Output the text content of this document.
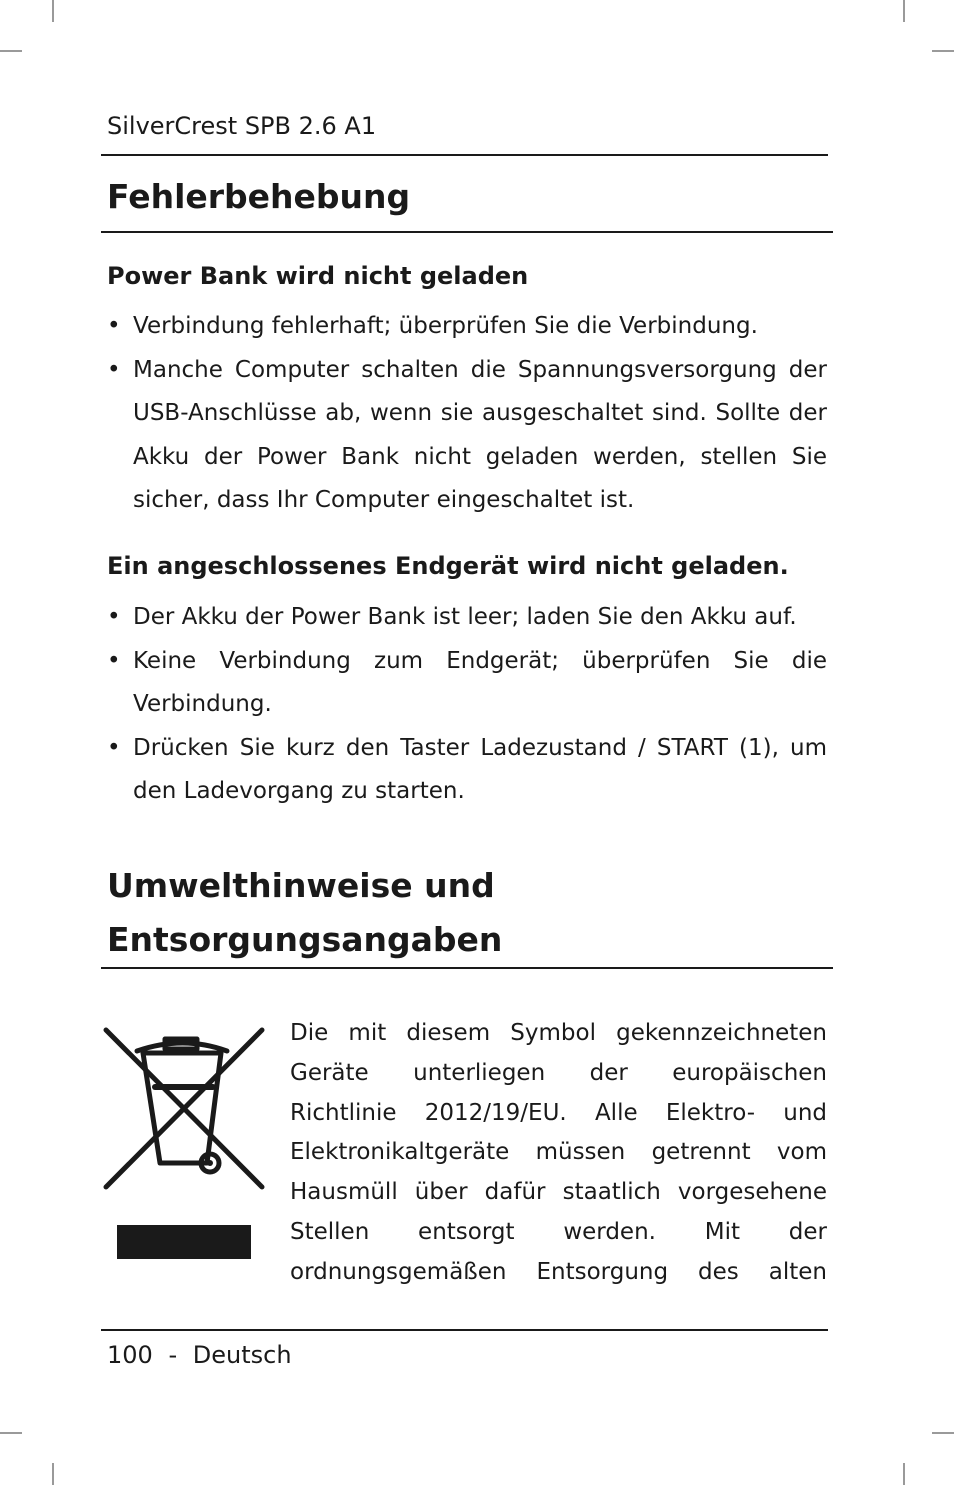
SilverCrest SPB 2.6 A1
Fehlerbehebung
Power Bank wird nicht geladen
• Verbindung fehlerhaft; überprüfen Sie die Verbindung.
• Manche Computer schalten die Spannungsversorgung der USB-Anschlüsse ab, wenn sie ausgeschaltet sind. Sollte der Akku der Power Bank nicht geladen werden, stellen Sie sicher, dass Ihr Computer eingeschaltet ist.
Ein angeschlossenes Endgerät wird nicht geladen.
• Der Akku der Power Bank ist leer; laden Sie den Akku auf.
• Keine Verbindung zum Endgerät; überprüfen Sie die Verbindung.
• Drücken Sie kurz den Taster Ladezustand / START (1), um den Ladevorgang zu starten.
Umwelthinweise und
Entsorgungsangaben

Die mit diesem Symbol gekennzeichneten Geräte unterliegen der europäischen Richtlinie 2012/19/EU. Alle Elektro- und Elektronikaltgeräte müssen getrennt vom Hausmüll über dafür staatlich vorgesehene Stellen entsorgt werden. Mit der ordnungsgemäßen Entsorgung des alten

100 - Deutsch
